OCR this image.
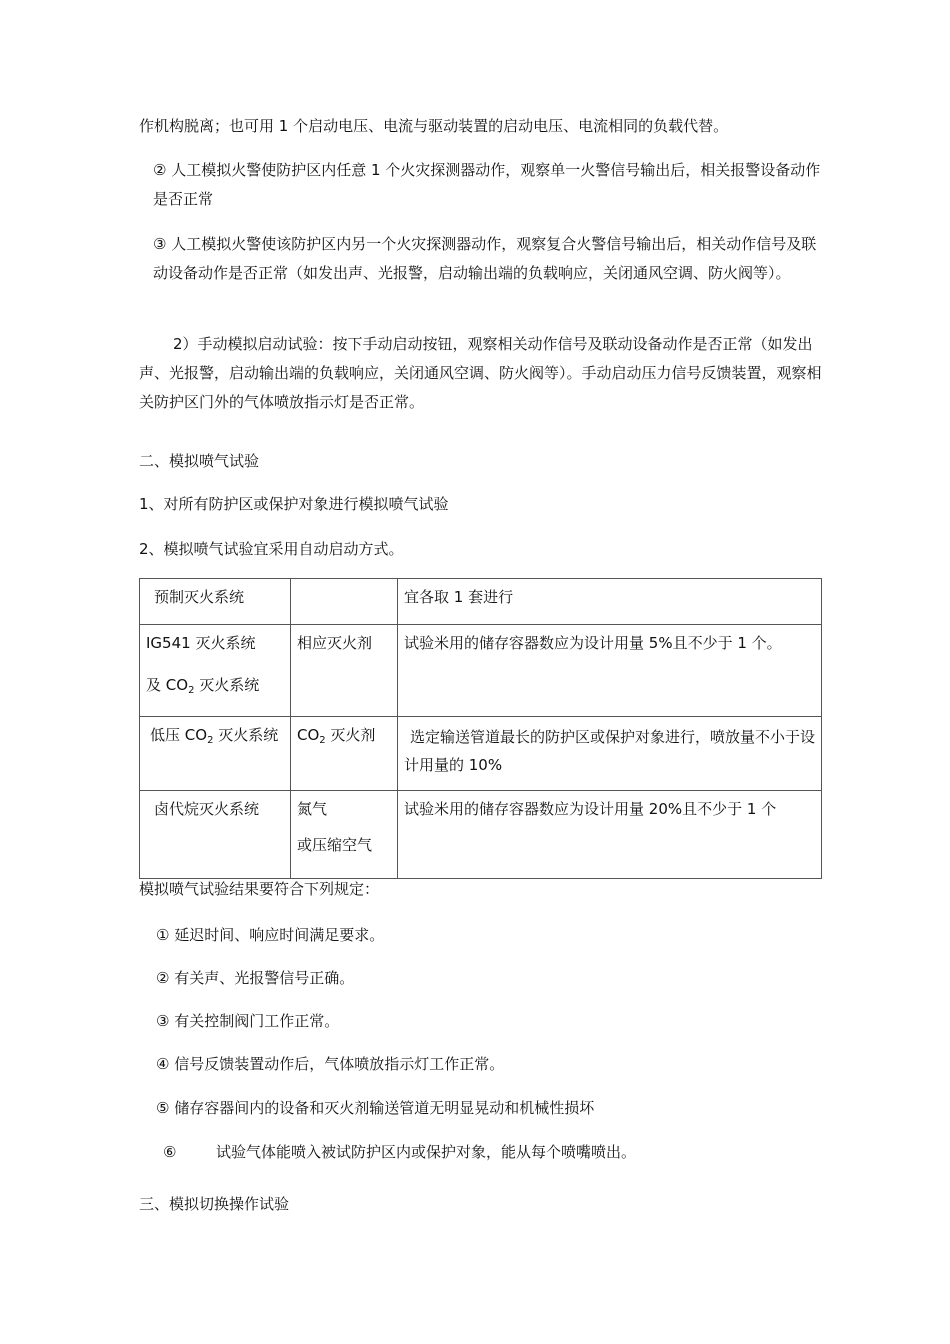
作机构脱离；也可用 1 个启动电压、电流与驱动装置的启动电压、电流相同的负载代替。

② 人工模拟火警使防护区内任意 1 个火灾探测器动作，观察单一火警信号输出后，相关报警设备动作是否正常

③ 人工模拟火警使该防护区内另一个火灾探测器动作，观察复合火警信号输出后，相关动作信号及联动设备动作是否正常（如发出声、光报警，启动输出端的负载响应，关闭通风空调、防火阀等）。

2）手动模拟启动试验：按下手动启动按钮，观察相关动作信号及联动设备动作是否正常（如发出声、光报警，启动输出端的负载响应，关闭通风空调、防火阀等）。手动启动压力信号反馈装置，观察相关防护区门外的气体喷放指示灯是否正常。

二、模拟喷气试验

1、对所有防护区或保护对象进行模拟喷气试验

2、模拟喷气试验宜采用自动启动方式。

预制灭火系统		宜各取 1 套进行

IG541 灭火系统
及 $CO_2$ 灭火系统	相应灭火剂	试验米用的储存容器数应为设计用量 5%且不少于 1 个。

低压 $CO_2$ 灭火系统	$CO_2$ 灭火剂	选定输送管道最长的防护区或保护对象进行，喷放量不小于设计用量的 10%

卤代烷灭火系统	氮气
或压缩空气	试验米用的储存容器数应为设计用量 20%且不少于 1 个

模拟喷气试验结果要符合下列规定：

① 延迟时间、响应时间满足要求。

② 有关声、光报警信号正确。

③ 有关控制阀门工作正常。

④ 信号反馈装置动作后，气体喷放指示灯工作正常。

⑤ 储存容器间内的设备和灭火剂输送管道无明显晃动和机械性损坏

⑥	试验气体能喷入被试防护区内或保护对象，能从每个喷嘴喷出。

三、模拟切换操作试验
